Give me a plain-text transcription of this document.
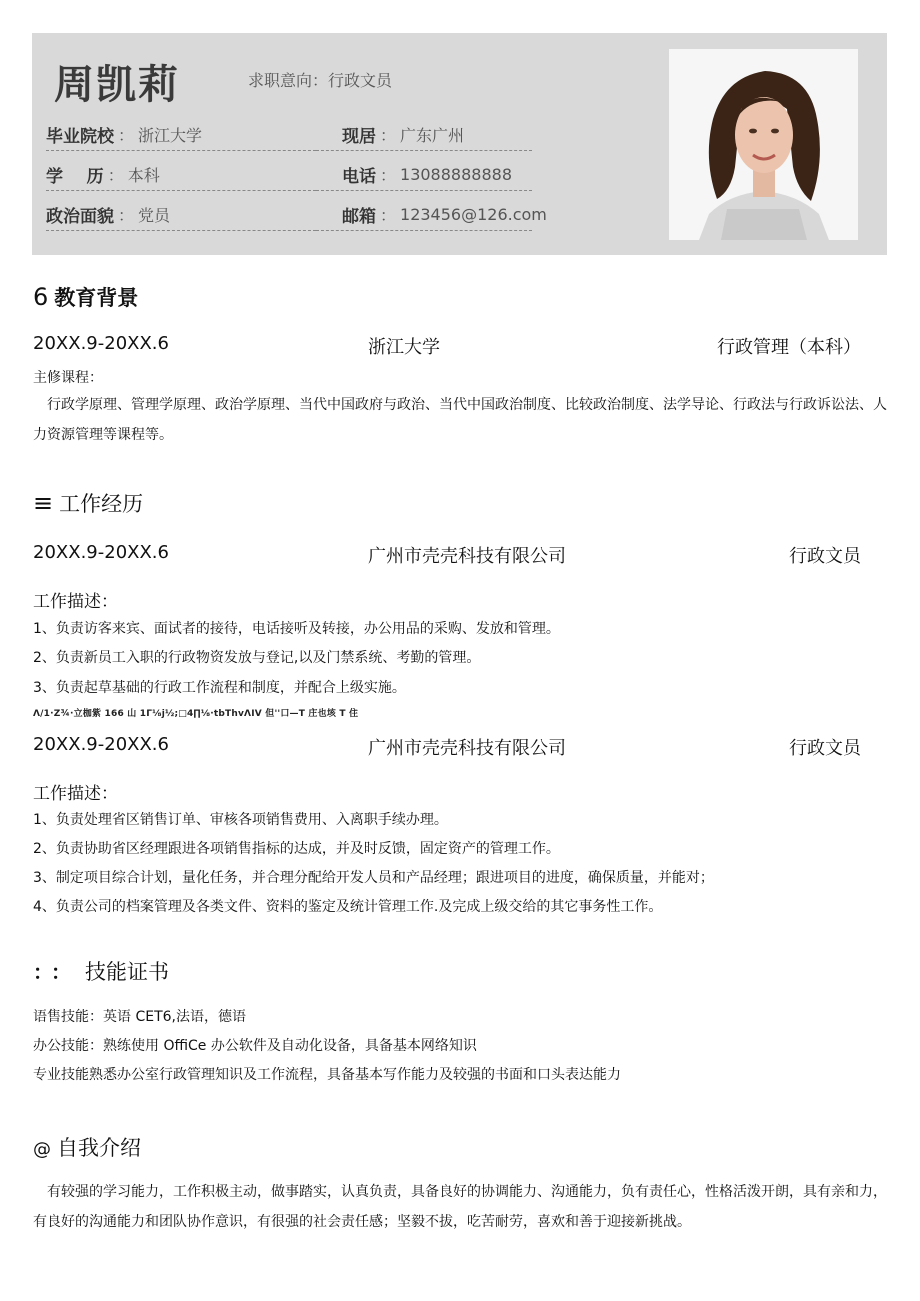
周凯莉	求职意向：行政文员
毕业院校 ： 浙江大学	现居 ： 广东广州
学    历 ： 本科	电话 ： 13088888888
政治面貌 ： 党员	邮箱 ： 123456@126.com
6 教育背景
20XX.9-20XX.6	浙江大学	行政管理（本科）
主修课程：
行政学原理、管理学原理、政治学原理、当代中国政府与政治、当代中国政治制度、比较政治制度、法学导论、行政法与行政诉讼法、人力资源管理等课程等。
≡ 工作经历
20XX.9-20XX.6	广州市壳壳科技有限公司	行政文员
工作描述：
1、负责访客来宾、面试者的接待，电话接听及转接，办公用品的采购、发放和管理。
2、负责新员工入职的行政物资发放与登记,以及门禁系统、考勤的管理。
3、负责起草基础的行政工作流程和制度，并配合上级实施。
Λ∕1·Z¾·立枷紫 166 山 1Γ⅛j½;□4∏⅛·tbThvΛIV 但''口—T 庄也垓 T 住
20XX.9-20XX.6	广州市壳壳科技有限公司	行政文员
工作描述：
1、负责处理省区销售订单、审核各项销售费用、入离职手续办理。
2、负责协助省区经理跟进各项销售指标的达成，并及时反馈，固定资产的管理工作。
3、制定项目综合计划，量化任务，并合理分配给开发人员和产品经理；跟进项目的进度，确保质量，并能对；
4、负责公司的档案管理及各类文件、资料的鉴定及统计管理工作.及完成上级交给的其它事务性工作。
：： 技能证书
语售技能：英语 CET6,法语，德语
办公技能：熟练使用 OffiCe 办公软件及自动化设备，具备基本网络知识
专业技能熟悉办公室行政管理知识及工作流程，具备基本写作能力及较强的书面和口头表达能力
@ 自我介绍
有较强的学习能力，工作积极主动，做事踏实，认真负责，具备良好的协调能力、沟通能力，负有责任心，性格活泼开朗，具有亲和力，有良好的沟通能力和团队协作意识，有很强的社会责任感；坚毅不拔，吃苦耐劳，喜欢和善于迎接新挑战。
